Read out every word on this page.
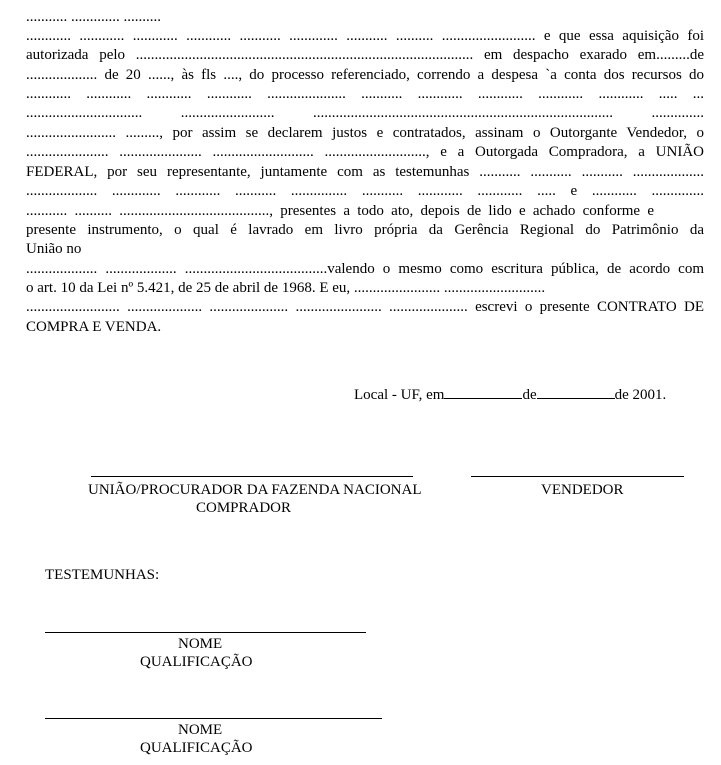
........... ............. ..........
............ ............ ............ ............ ........... ............. ........... .......... ......................... e que essa aquisição foi
autorizada pelo .......................................................................................... em despacho exarado em.........de
................... de 20 ......, às fls ...., do processo referenciado, correndo a despesa `a conta dos recursos do
............ ............ ............ ............ ..................... ........... ............ ............ ............ ............ ..... ...
............................... ......................... ................................................................................ ..............
........................ ........., por assim se declarem justos e contratados, assinam o Outorgante Vendedor, o
...................... ...................... ........................... ..........................., e a Outorgada Compradora, a UNIÃO
FEDERAL, por seu representante, juntamente com as testemunhas ........... ........... ........... ...................
................... ............. ............ ........... ............... ........... ............ ............ ..... e ............ ..............
........... .......... ........................................, presentes a todo ato, depois de lido e achado conforme e
presente instrumento, o qual é lavrado em livro própria da Gerência Regional do Patrimônio da
União no
................... ................... ......................................valendo o mesmo como escritura pública, de acordo com
o art. 10 da Lei nº 5.421, de 25 de abril de 1968. E eu, ....................... ...........................
......................... .................... ..................... ....................... ..................... escrevi o presente CONTRATO DE
COMPRA E VENDA.
Local - UF, em	de	de 2001.
UNIÃO/PROCURADOR DA FAZENDA NACIONAL
COMPRADOR
VENDEDOR
TESTEMUNHAS:
NOME
QUALIFICAÇÃO
NOME
QUALIFICAÇÃO
